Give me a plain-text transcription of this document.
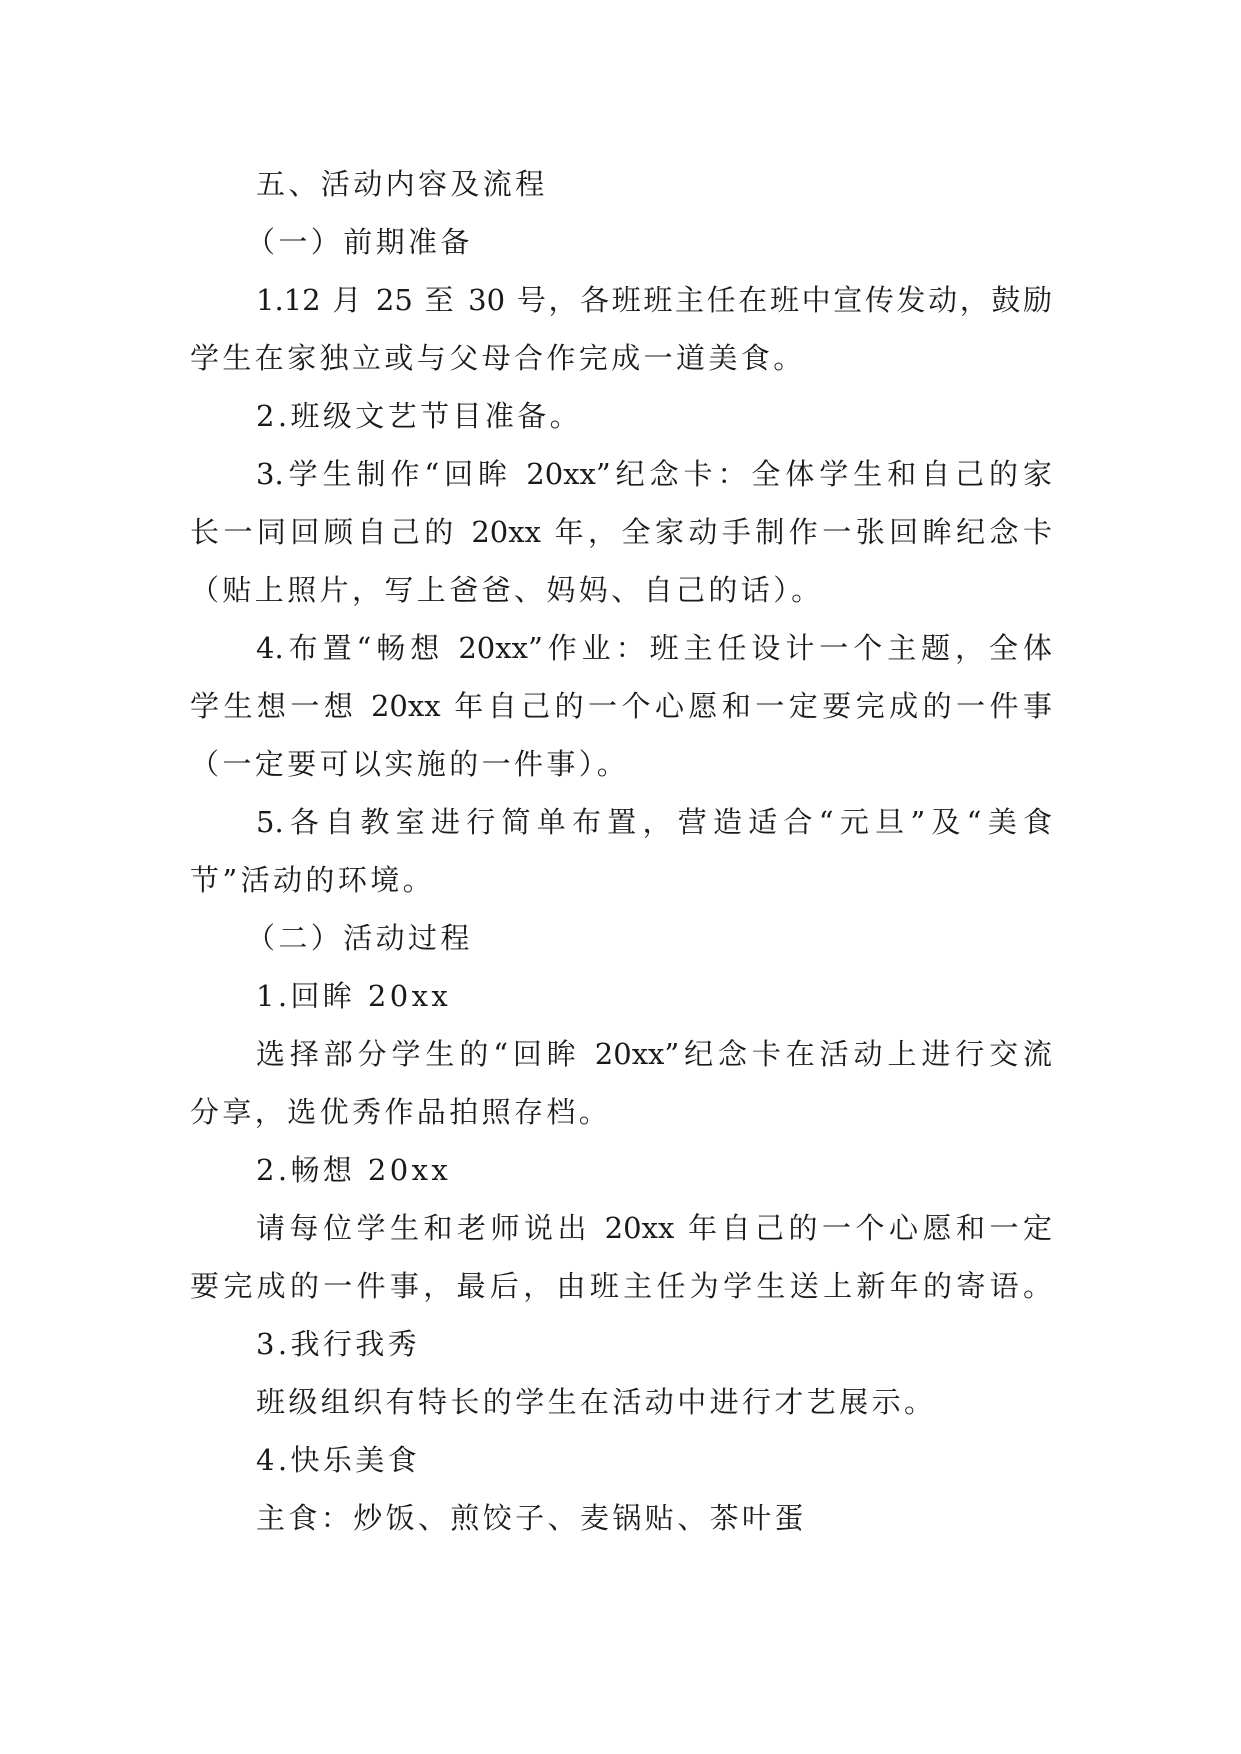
五、活动内容及流程
（一）前期准备
1.12 月 25 至 30 号，各班班主任在班中宣传发动，鼓励
学生在家独立或与父母合作完成一道美食。
2.班级文艺节目准备。
3.学生制作“回眸 20xx”纪念卡：全体学生和自己的家
长一同回顾自己的 20xx 年，全家动手制作一张回眸纪念卡
（贴上照片，写上爸爸、妈妈、自己的话）。
4.布置“畅想 20xx”作业：班主任设计一个主题，全体
学生想一想 20xx 年自己的一个心愿和一定要完成的一件事
（一定要可以实施的一件事）。
5.各自教室进行简单布置，营造适合“元旦”及“美食
节”活动的环境。
（二）活动过程
1.回眸 20xx
选择部分学生的“回眸 20xx”纪念卡在活动上进行交流
分享，选优秀作品拍照存档。
2.畅想 20xx
请每位学生和老师说出 20xx 年自己的一个心愿和一定
要完成的一件事，最后，由班主任为学生送上新年的寄语。
3.我行我秀
班级组织有特长的学生在活动中进行才艺展示。
4.快乐美食
主食：炒饭、煎饺子、麦锅贴、茶叶蛋
